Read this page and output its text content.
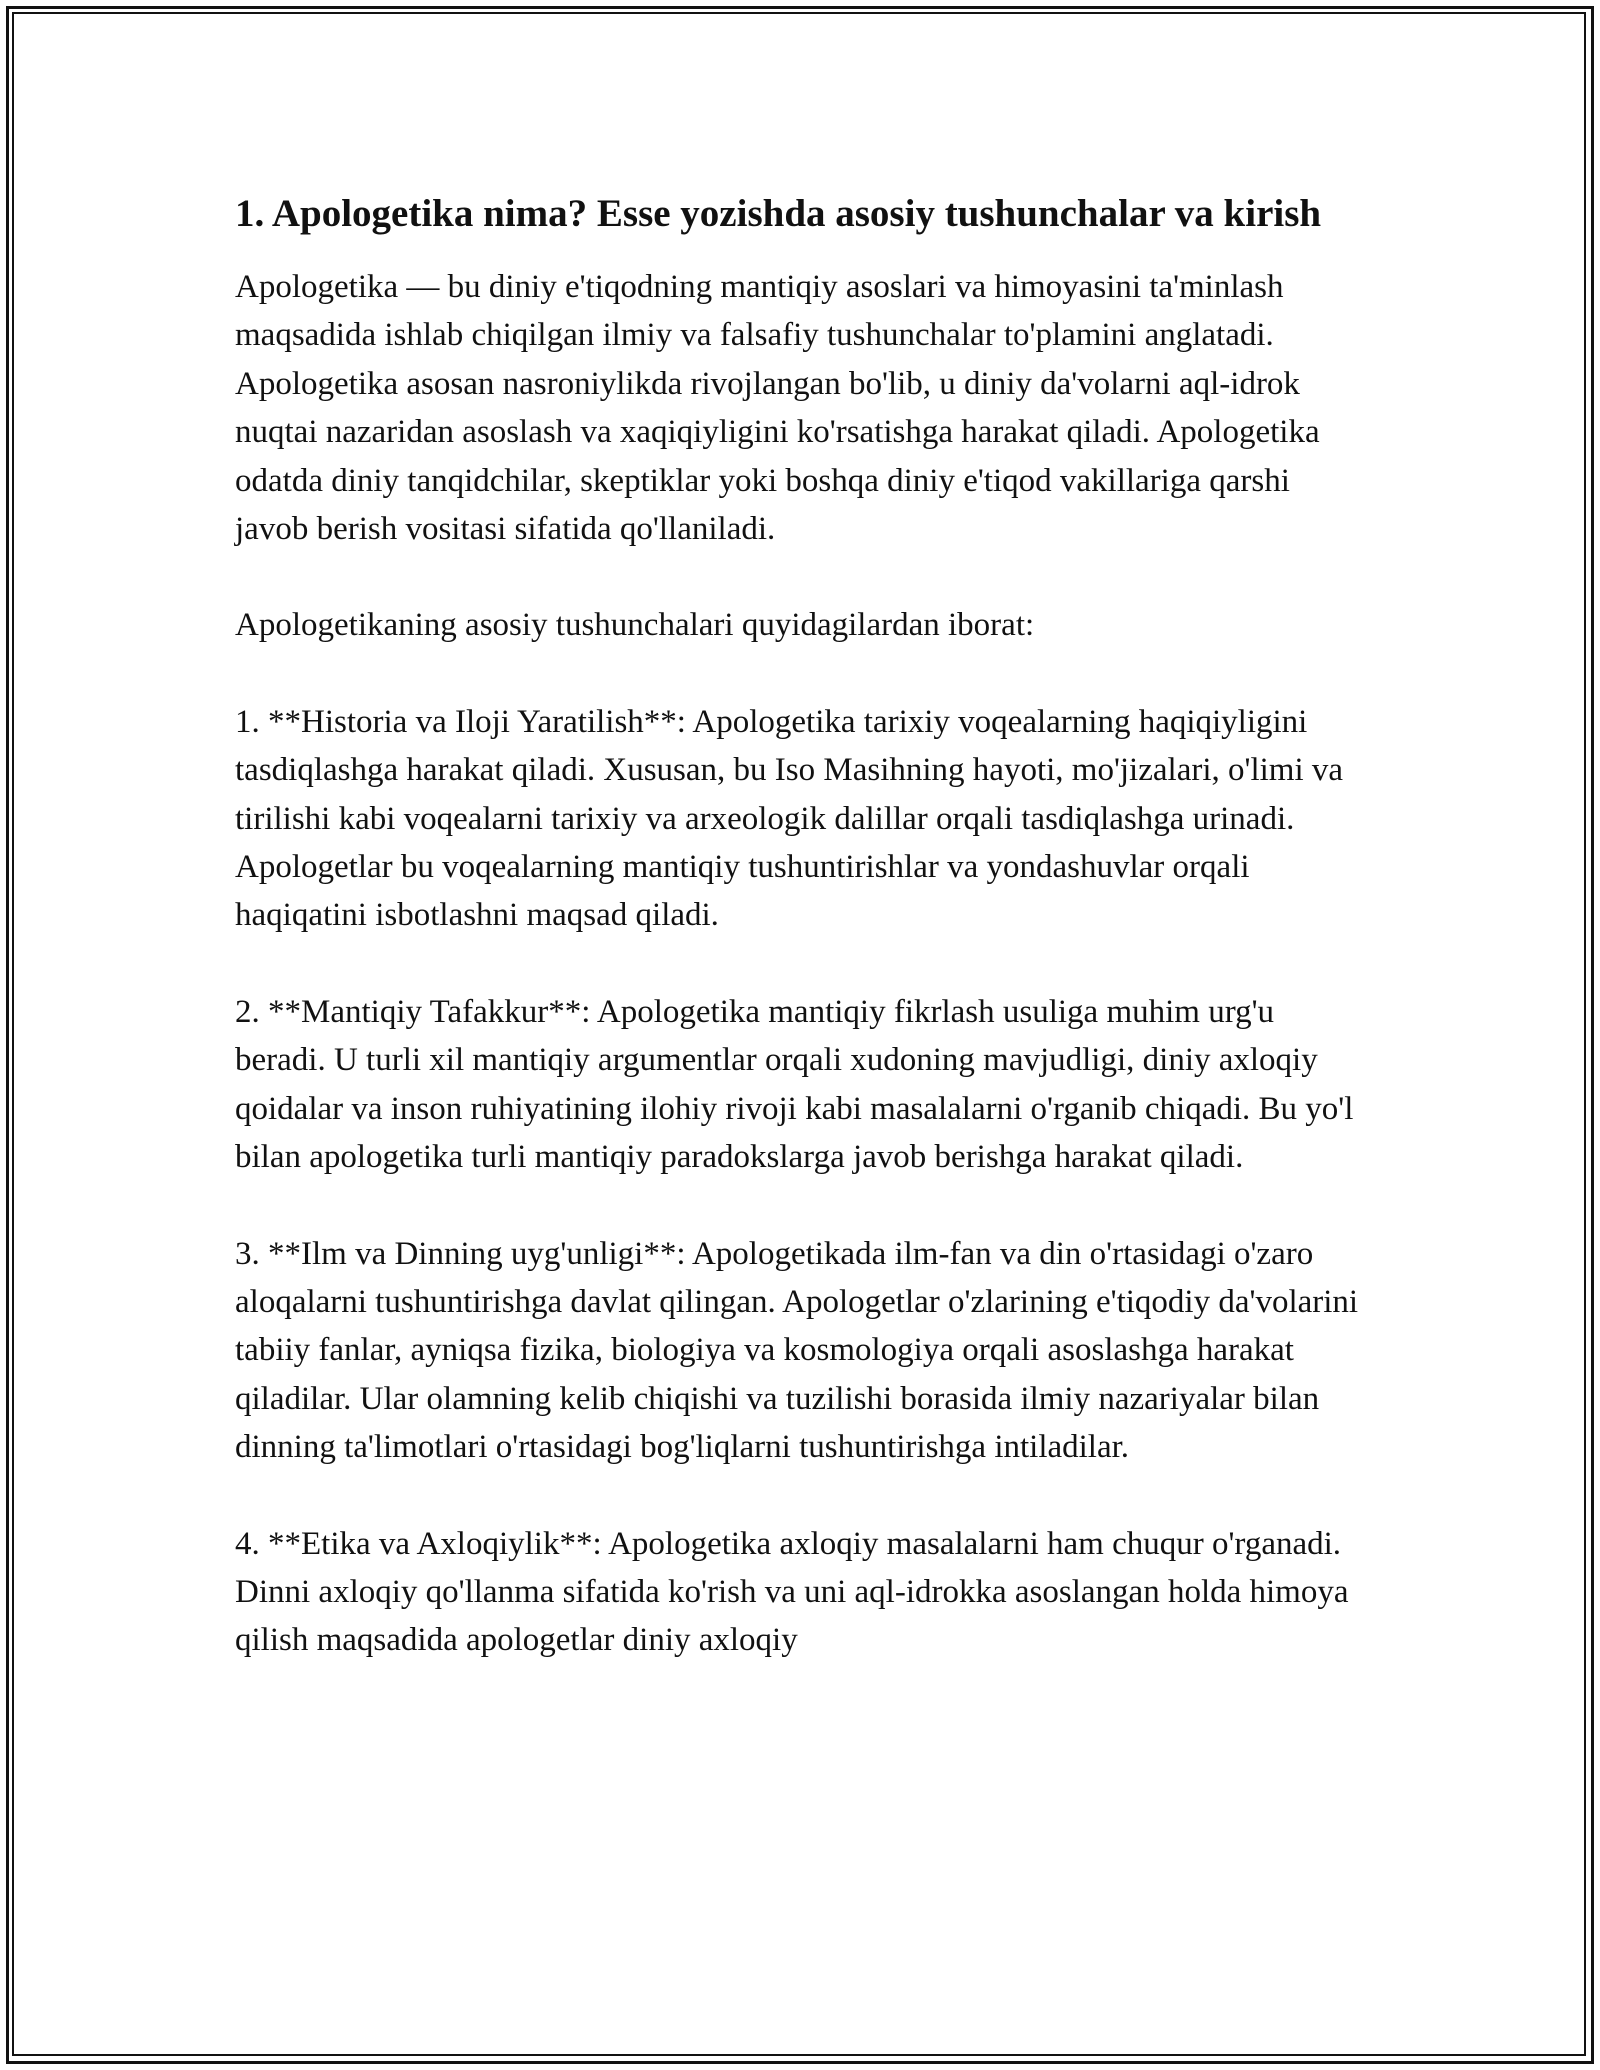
1. Apologetika nima? Esse yozishda asosiy tushunchalar va kirish

Apologetika — bu diniy e'tiqodning mantiqiy asoslari va himoyasini ta'minlash maqsadida ishlab chiqilgan ilmiy va falsafiy tushunchalar to'plamini anglatadi. Apologetika asosan nasroniylikda rivojlangan bo'lib, u diniy da'volarni aql-idrok nuqtai nazaridan asoslash va xaqiqiyligini ko'rsatishga harakat qiladi. Apologetika odatda diniy tanqidchilar, skeptiklar yoki boshqa diniy e'tiqod vakillariga qarshi javob berish vositasi sifatida qo'llaniladi.

Apologetikaning asosiy tushunchalari quyidagilardan iborat:

1. **Historia va Iloji Yaratilish**: Apologetika tarixiy voqealarning haqiqiyligini tasdiqlashga harakat qiladi. Xususan, bu Iso Masihning hayoti, mo'jizalari, o'limi va tirilishi kabi voqealarni tarixiy va arxeologik dalillar orqali tasdiqlashga urinadi. Apologetlar bu voqealarning mantiqiy tushuntirishlar va yondashuvlar orqali haqiqatini isbotlashni maqsad qiladi.

2. **Mantiqiy Tafakkur**: Apologetika mantiqiy fikrlash usuliga muhim urg'u beradi. U turli xil mantiqiy argumentlar orqali xudoning mavjudligi, diniy axloqiy qoidalar va inson ruhiyatining ilohiy rivoji kabi masalalarni o'rganib chiqadi. Bu yo'l bilan apologetika turli mantiqiy paradokslarga javob berishga harakat qiladi.

3. **Ilm va Dinning uyg'unligi**: Apologetikada ilm-fan va din o'rtasidagi o'zaro aloqalarni tushuntirishga davlat qilingan. Apologetlar o'zlarining e'tiqodiy da'volarini tabiiy fanlar, ayniqsa fizika, biologiya va kosmologiya orqali asoslashga harakat qiladilar. Ular olamning kelib chiqishi va tuzilishi borasida ilmiy nazariyalar bilan dinning ta'limotlari o'rtasidagi bog'liqlarni tushuntirishga intiladilar.

4. **Etika va Axloqiylik**: Apologetika axloqiy masalalarni ham chuqur o'rganadi. Dinni axloqiy qo'llanma sifatida ko'rish va uni aql-idrokka asoslangan holda himoya qilish maqsadida apologetlar diniy axloqiy
